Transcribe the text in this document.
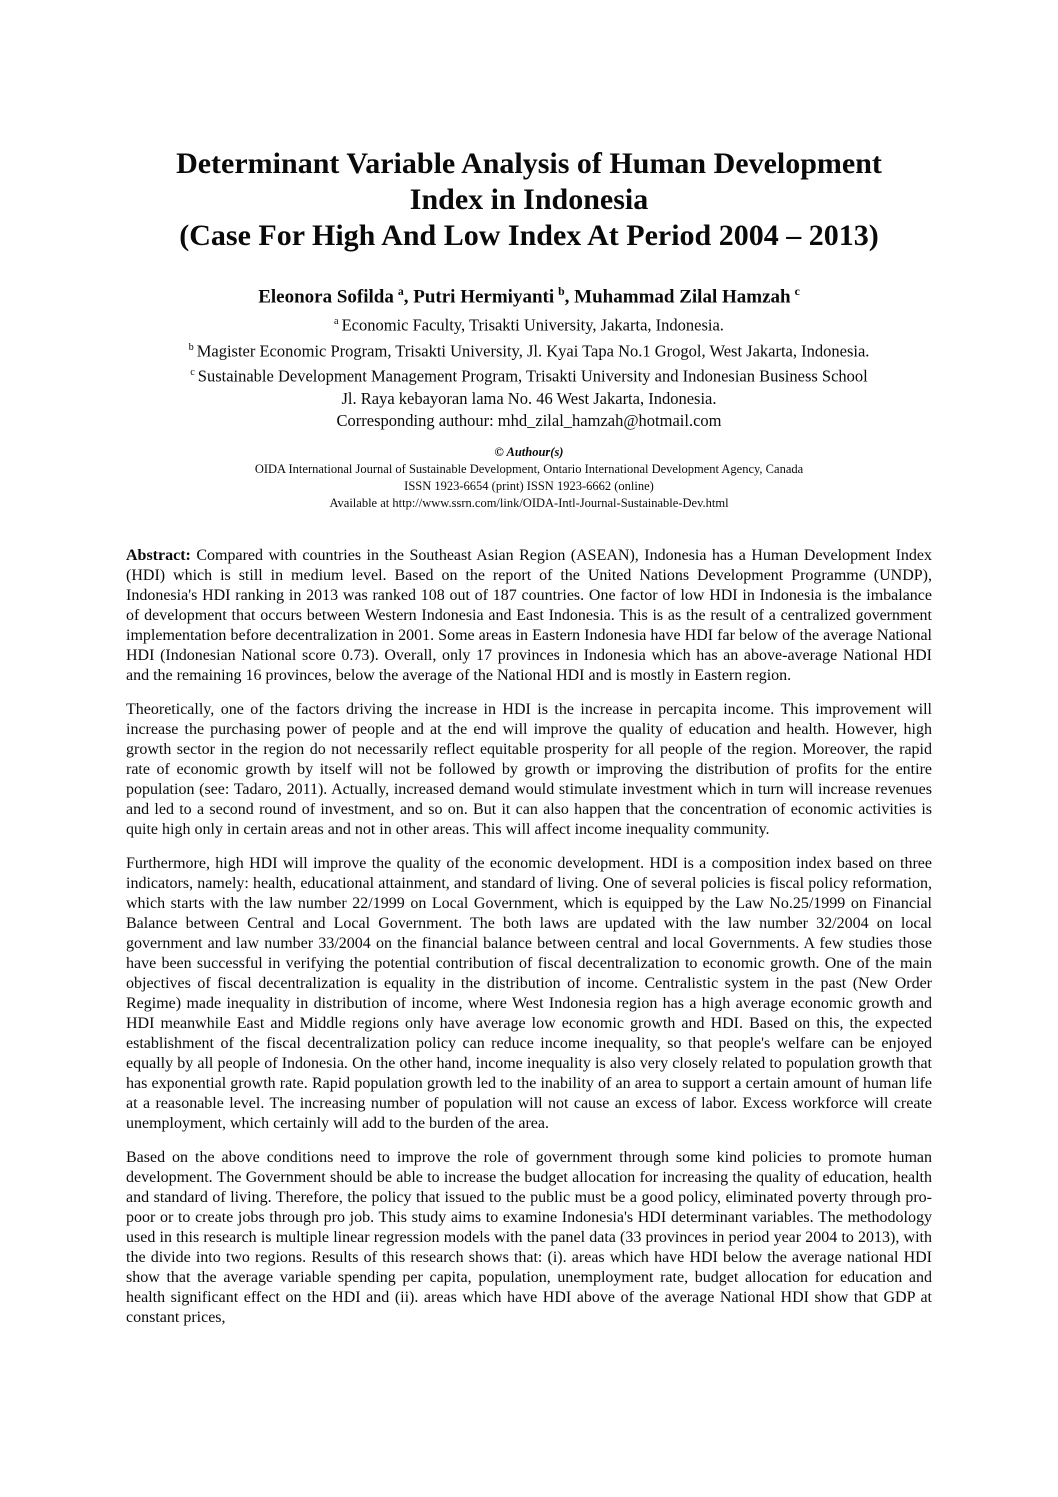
Determinant Variable Analysis of Human Development
Index in Indonesia
(Case For High And Low Index At Period 2004 – 2013)
Eleonora Sofilda $^a$, Putri Hermiyanti $^b$, Muhammad Zilal Hamzah $^c$
$^a$ Economic Faculty, Trisakti University, Jakarta, Indonesia.
$^b$ Magister Economic Program, Trisakti University, Jl. Kyai Tapa No.1 Grogol, West Jakarta, Indonesia.
$^c$ Sustainable Development Management Program, Trisakti University and Indonesian Business School
Jl. Raya kebayoran lama No. 46 West Jakarta, Indonesia.
Corresponding authour: mhd_zilal_hamzah@hotmail.com
© Authour(s)
OIDA International Journal of Sustainable Development, Ontario International Development Agency, Canada
ISSN 1923-6654 (print) ISSN 1923-6662 (online)
Available at http://www.ssrn.com/link/OIDA-Intl-Journal-Sustainable-Dev.html

Abstract: Compared with countries in the Southeast Asian Region (ASEAN), Indonesia has a Human Development Index (HDI) which is still in medium level. Based on the report of the United Nations Development Programme (UNDP), Indonesia's HDI ranking in 2013 was ranked 108 out of 187 countries. One factor of low HDI in Indonesia is the imbalance of development that occurs between Western Indonesia and East Indonesia. This is as the result of a centralized government implementation before decentralization in 2001. Some areas in Eastern Indonesia have HDI far below of the average National HDI (Indonesian National score 0.73). Overall, only 17 provinces in Indonesia which has an above-average National HDI and the remaining 16 provinces, below the average of the National HDI and is mostly in Eastern region.

Theoretically, one of the factors driving the increase in HDI is the increase in percapita income. This improvement will increase the purchasing power of people and at the end will improve the quality of education and health. However, high growth sector in the region do not necessarily reflect equitable prosperity for all people of the region. Moreover, the rapid rate of economic growth by itself will not be followed by growth or improving the distribution of profits for the entire population (see: Tadaro, 2011). Actually, increased demand would stimulate investment which in turn will increase revenues and led to a second round of investment, and so on. But it can also happen that the concentration of economic activities is quite high only in certain areas and not in other areas. This will affect income inequality community.

Furthermore, high HDI will improve the quality of the economic development. HDI is a composition index based on three indicators, namely: health, educational attainment, and standard of living. One of several policies is fiscal policy reformation, which starts with the law number 22/1999 on Local Government, which is equipped by the Law No.25/1999 on Financial Balance between Central and Local Government. The both laws are updated with the law number 32/2004 on local government and law number 33/2004 on the financial balance between central and local Governments. A few studies those have been successful in verifying the potential contribution of fiscal decentralization to economic growth. One of the main objectives of fiscal decentralization is equality in the distribution of income. Centralistic system in the past (New Order Regime) made inequality in distribution of income, where West Indonesia region has a high average economic growth and HDI meanwhile East and Middle regions only have average low economic growth and HDI. Based on this, the expected establishment of the fiscal decentralization policy can reduce income inequality, so that people's welfare can be enjoyed equally by all people of Indonesia. On the other hand, income inequality is also very closely related to population growth that has exponential growth rate. Rapid population growth led to the inability of an area to support a certain amount of human life at a reasonable level. The increasing number of population will not cause an excess of labor. Excess workforce will create unemployment, which certainly will add to the burden of the area.

Based on the above conditions need to improve the role of government through some kind policies to promote human development. The Government should be able to increase the budget allocation for increasing the quality of education, health and standard of living. Therefore, the policy that issued to the public must be a good policy, eliminated poverty through pro-poor or to create jobs through pro job. This study aims to examine Indonesia's HDI determinant variables. The methodology used in this research is multiple linear regression models with the panel data (33 provinces in period year 2004 to 2013), with the divide into two regions. Results of this research shows that: (i). areas which have HDI below the average national HDI show that the average variable spending per capita, population, unemployment rate, budget allocation for education and health significant effect on the HDI and (ii). areas which have HDI above of the average National HDI show that GDP at constant prices,
